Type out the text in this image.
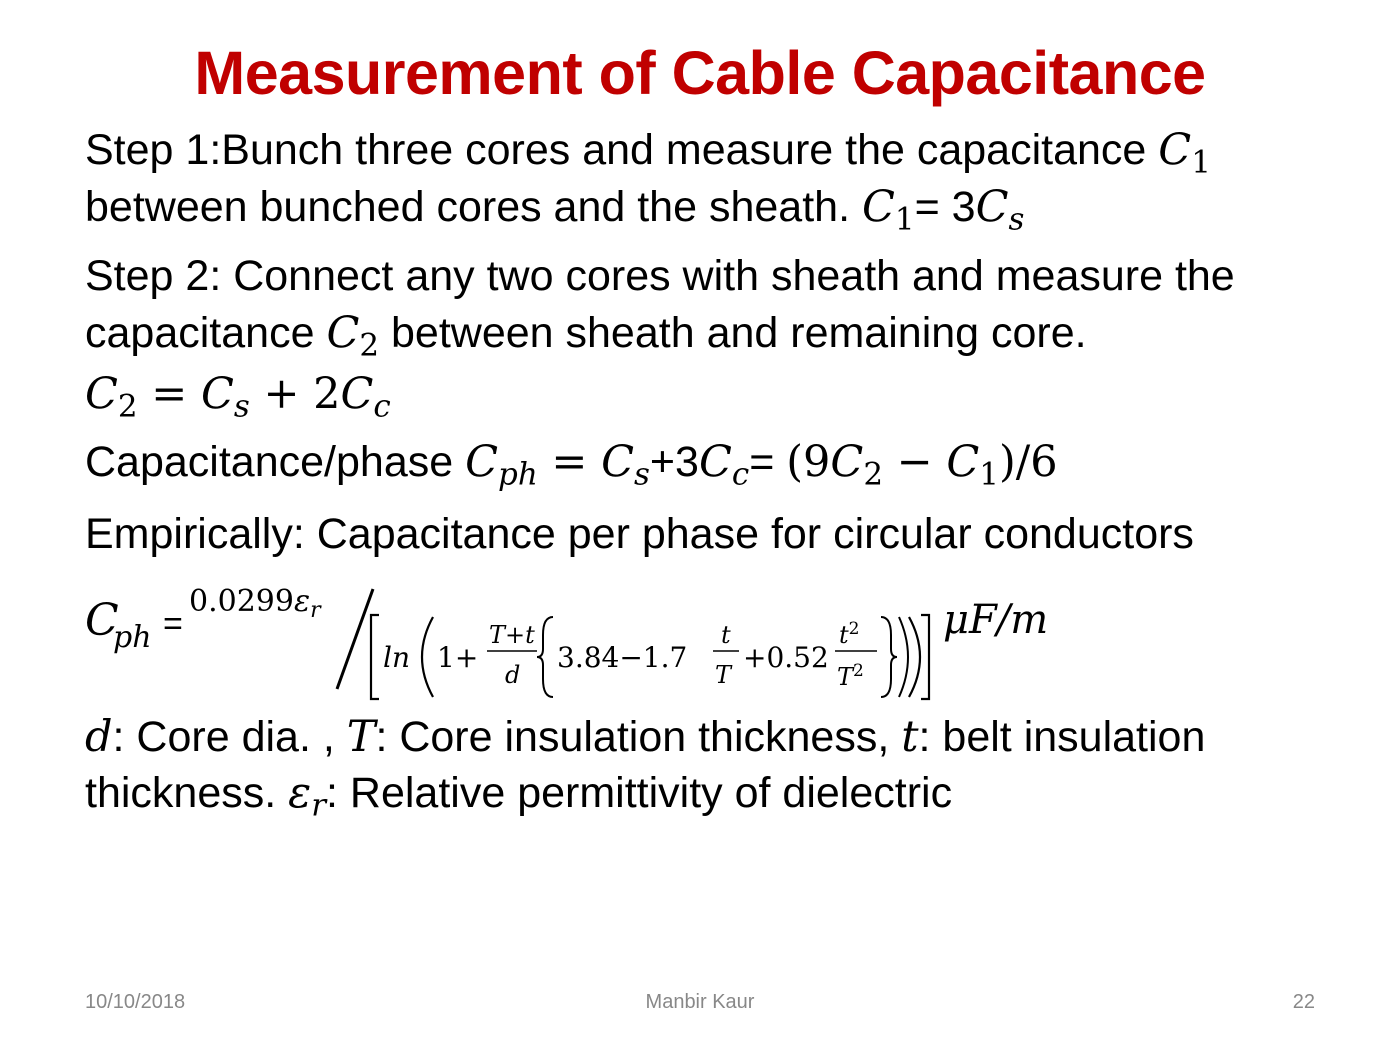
Measurement of Cable Capacitance
Step 1:Bunch three cores and measure the capacitance $C_1$
between bunched cores and the sheath. $C_1= 3C_s$
Step 2: Connect any two cores with sheath and measure the
capacitance $C_2$ between sheath and remaining core.
$C_2 = C_s + 2C_c$
Capacitance/phase $C_{ph} = C_s+3C_c= (9C_2 - C_1)/6$
Empirically: Capacitance per phase for circular conductors
C
ph =
$0.0299\varepsilon_r$
ln 1+
T+t
d
3.84−1.7
t
T
+0.52
$t^2$
$T^2$
μF/m
d: Core dia. , T: Core insulation thickness, t: belt insulation
thickness. $\varepsilon_r$: Relative permittivity of dielectric
10/10/2018	Manbir Kaur	22
